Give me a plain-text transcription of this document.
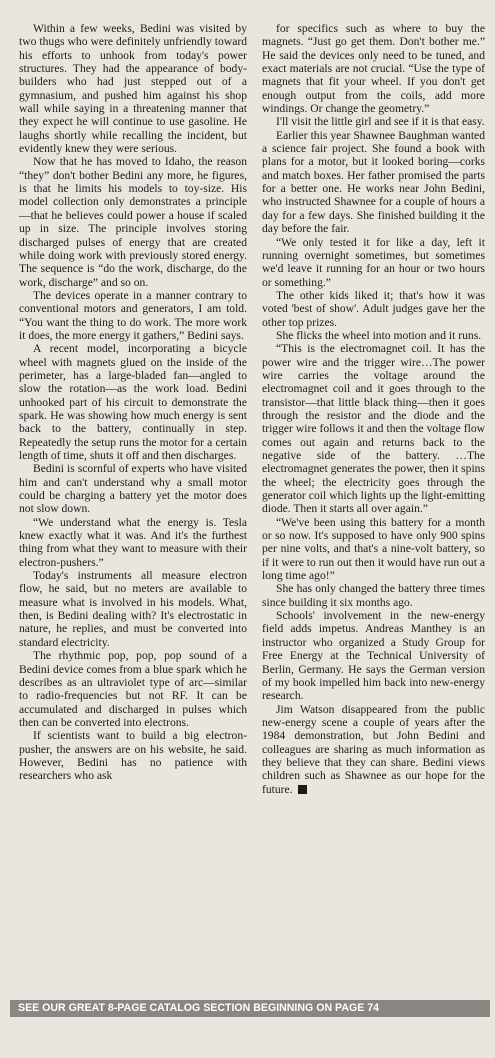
Within a few weeks, Bedini was visited by two thugs who were definitely unfriendly toward his efforts to unhook from today's power structures. They had the appearance of body-builders who had just stepped out of a gymnasium, and pushed him against his shop wall while saying in a threatening manner that they expect he will continue to use gasoline. He laughs shortly while recalling the incident, but evidently knew they were serious.

Now that he has moved to Idaho, the reason “they” don't bother Bedini any more, he figures, is that he limits his models to toy-size. His model collection only demonstrates a principle—that he believes could power a house if scaled up in size. The principle involves storing discharged pulses of energy that are created while doing work with previously stored energy. The sequence is “do the work, discharge, do the work, discharge” and so on.

The devices operate in a manner contrary to conventional motors and generators, I am told. “You want the thing to do work. The more work it does, the more energy it gathers,” Bedini says.

A recent model, incorporating a bicycle wheel with magnets glued on the inside of the perimeter, has a large-bladed fan—angled to slow the rotation—as the work load. Bedini unhooked part of his circuit to demonstrate the spark. He was showing how much energy is sent back to the battery, continually in step. Repeatedly the setup runs the motor for a certain length of time, shuts it off and then discharges.

Bedini is scornful of experts who have visited him and can't understand why a small motor could be charging a battery yet the motor does not slow down.

“We understand what the energy is. Tesla knew exactly what it was. And it's the furthest thing from what they want to measure with their electron-pushers.”

Today's instruments all measure electron flow, he said, but no meters are available to measure what is involved in his models. What, then, is Bedini dealing with? It's electrostatic in nature, he replies, and must be converted into standard electricity.

The rhythmic pop, pop, pop sound of a Bedini device comes from a blue spark which he describes as an ultraviolet type of arc—similar to radio-frequencies but not RF. It can be accumulated and discharged in pulses which then can be converted into electrons.

If scientists want to build a big electron-pusher, the answers are on his website, he said. However, Bedini has no patience with researchers who ask

for specifics such as where to buy the magnets. “Just go get them. Don't bother me.” He said the devices only need to be tuned, and exact materials are not crucial. “Use the type of magnets that fit your wheel. If you don't get enough output from the coils, add more windings. Or change the geometry.”

I'll visit the little girl and see if it is that easy.

Earlier this year Shawnee Baughman wanted a science fair project. She found a book with plans for a motor, but it looked boring—corks and match boxes. Her father promised the parts for a better one. He works near John Bedini, who instructed Shawnee for a couple of hours a day for a few days. She finished building it the day before the fair.

“We only tested it for like a day, left it running overnight sometimes, but sometimes we'd leave it running for an hour or two hours or something.”

The other kids liked it; that's how it was voted 'best of show'. Adult judges gave her the other top prizes.

She flicks the wheel into motion and it runs.

“This is the electromagnet coil. It has the power wire and the trigger wire…The power wire carries the voltage around the electromagnet coil and it goes through to the transistor—that little black thing—then it goes through the resistor and the diode and the trigger wire follows it and then the voltage flow comes out again and returns back to the negative side of the battery. …The electromagnet generates the power, then it spins the wheel; the electricity goes through the generator coil which lights up the light-emitting diode. Then it starts all over again.”

“We've been using this battery for a month or so now. It's supposed to have only 900 spins per nine volts, and that's a nine-volt battery, so if it were to run out then it would have run out a long time ago!”

She has only changed the battery three times since building it six months ago.

Schools' involvement in the new-energy field adds impetus. Andreas Manthey is an instructor who organized a Study Group for Free Energy at the Technical University of Berlin, Germany. He says the German version of my book impelled him back into new-energy research.

Jim Watson disappeared from the public new-energy scene a couple of years after the 1984 demonstration, but John Bedini and colleagues are sharing as much information as they believe that they can share. Bedini views children such as Shawnee as our hope for the future.

SEE OUR GREAT 8-PAGE CATALOG SECTION BEGINNING ON PAGE 74
